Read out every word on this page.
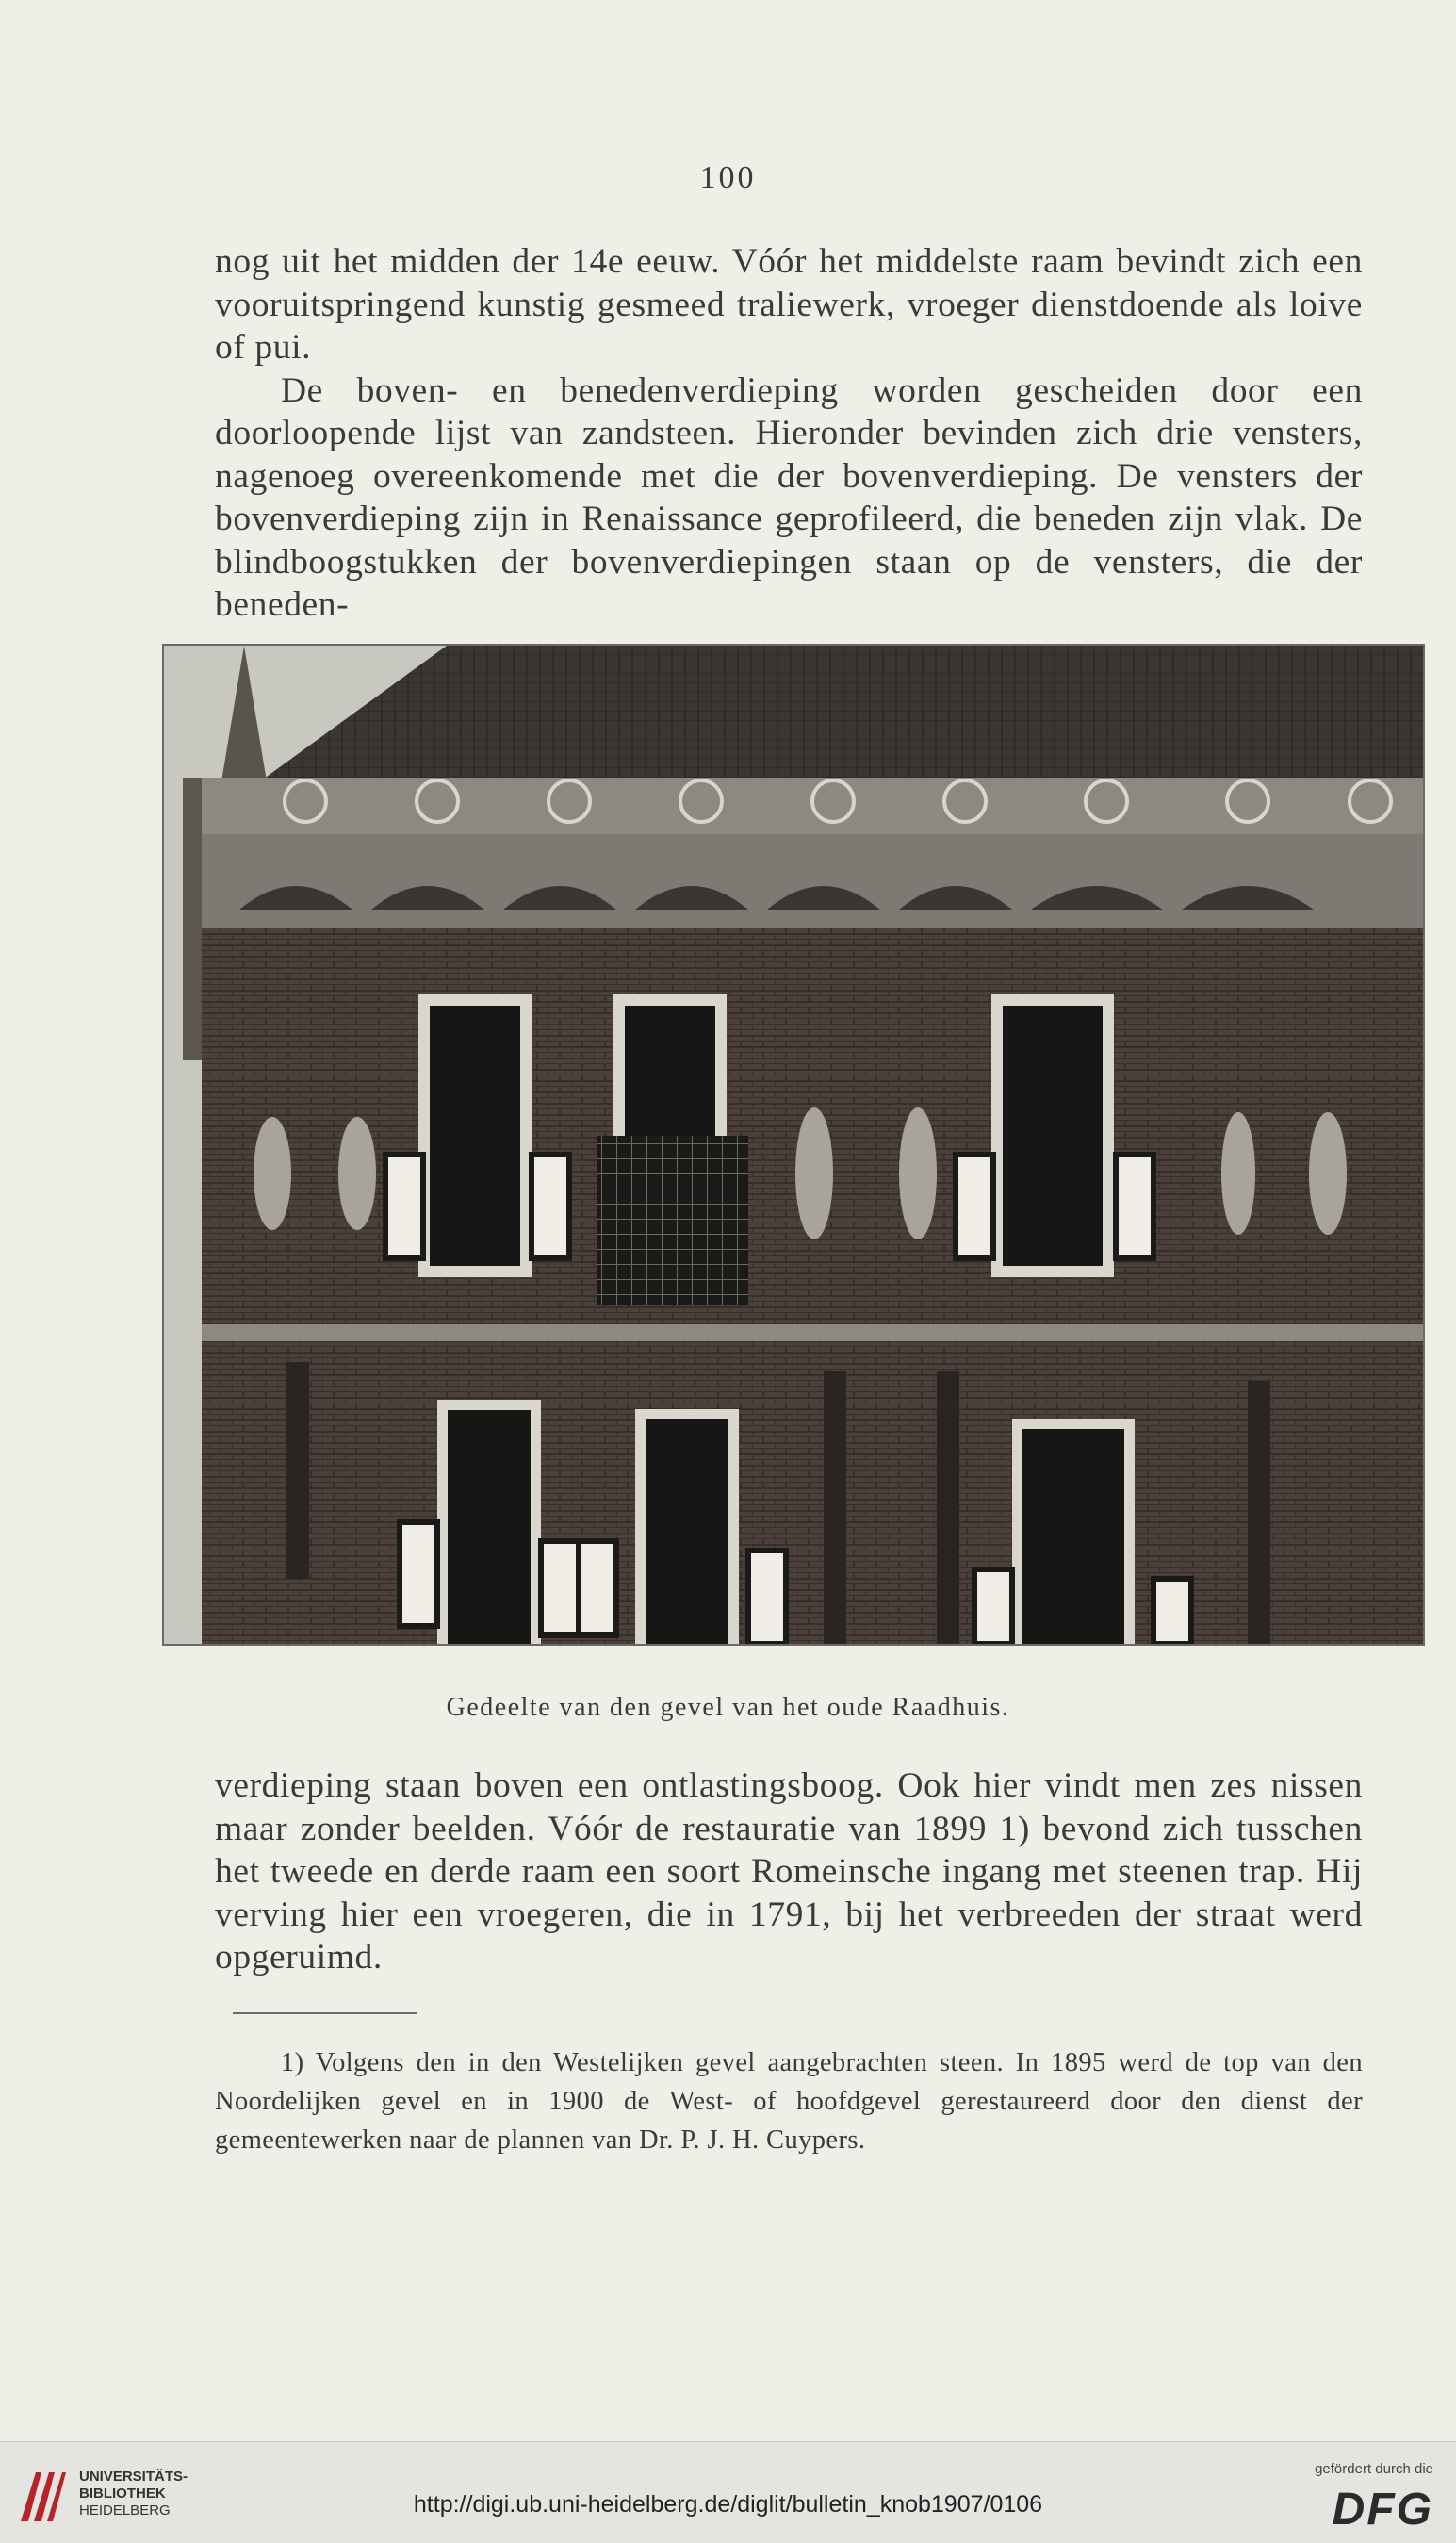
100

nog uit het midden der 14e eeuw. Vóór het middelste raam bevindt zich een vooruitspringend kunstig gesmeed traliewerk, vroeger dienstdoende als loive of pui.

De boven- en benedenverdieping worden gescheiden door een doorloopende lijst van zandsteen. Hieronder bevinden zich drie vensters, nagenoeg overeenkomende met die der bovenverdieping. De vensters der bovenverdieping zijn in Renaissance geprofileerd, die beneden zijn vlak. De blindboogstukken der bovenverdiepingen staan op de vensters, die der beneden-

Gedeelte van den gevel van het oude Raadhuis.

verdieping staan boven een ontlastingsboog. Ook hier vindt men zes nissen maar zonder beelden. Vóór de restauratie van 1899 1) bevond zich tusschen het tweede en derde raam een soort Romeinsche ingang met steenen trap. Hij verving hier een vroegeren, die in 1791, bij het verbreeden der straat werd opgeruimd.

1) Volgens den in den Westelijken gevel aangebrachten steen. In 1895 werd de top van den Noordelijken gevel en in 1900 de West- of hoofdgevel gerestaureerd door den dienst der gemeentewerken naar de plannen van Dr. P. J. H. Cuypers.

UNIVERSITÄTS-
BIBLIOTHEK
HEIDELBERG	http://digi.ub.uni-heidelberg.de/diglit/bulletin_knob1907/0106
gefördert durch die
DFG
